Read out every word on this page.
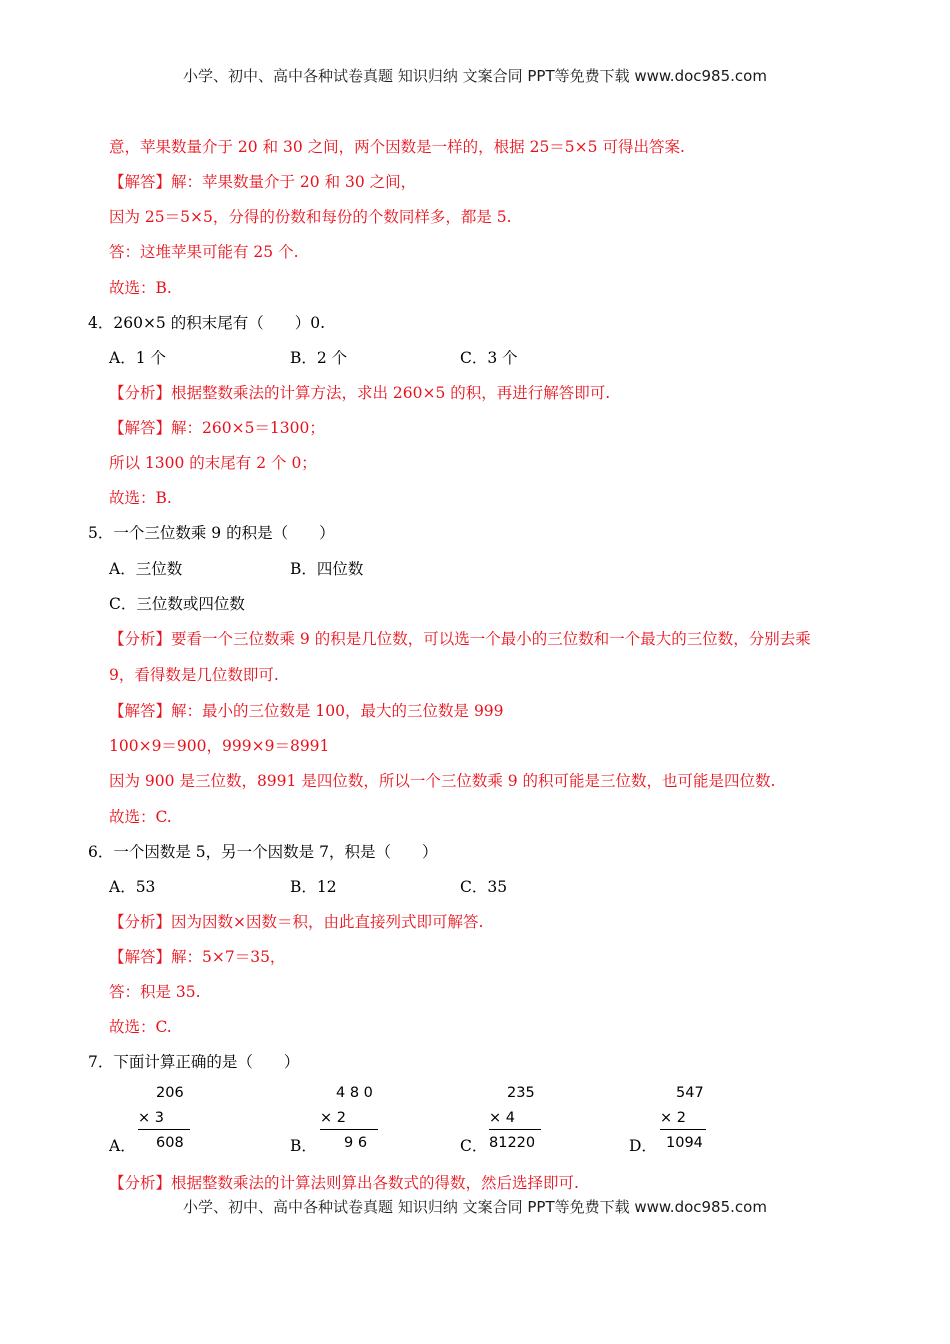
小学、初中、高中各种试卷真题 知识归纳 文案合同 PPT等免费下载 www.doc985.com
意，苹果数量介于 20 和 30 之间，两个因数是一样的，根据 25＝5×5 可得出答案.
【解答】解：苹果数量介于 20 和 30 之间，
因为 25＝5×5，分得的份数和每份的个数同样多，都是 5.
答：这堆苹果可能有 25 个.
故选：B.
4．260×5 的积末尾有（　　）0.
A．1 个	B．2 个	C．3 个
【分析】根据整数乘法的计算方法，求出 260×5 的积，再进行解答即可.
【解答】解：260×5＝1300；
所以 1300 的末尾有 2 个 0；
故选：B.
5．一个三位数乘 9 的积是（　　）
A．三位数	B．四位数
C．三位数或四位数
【分析】要看一个三位数乘 9 的积是几位数，可以选一个最小的三位数和一个最大的三位数，分别去乘
9，看得数是几位数即可.
【解答】解：最小的三位数是 100，最大的三位数是 999
100×9＝900，999×9＝8991
因为 900 是三位数，8991 是四位数，所以一个三位数乘 9 的积可能是三位数，也可能是四位数.
故选：C.
6．一个因数是 5，另一个因数是 7，积是（　　）
A．53	B．12	C．35
【分析】因为因数×因数＝积，由此直接列式即可解答.
【解答】解：5×7＝35，
答：积是 35.
故选：C.
7．下面计算正确的是（　　）
A．
206
× 3
608	B．
4 8 0
× 2
9 6	C．
235
× 4
81220	D．
547
× 2
1094
【分析】根据整数乘法的计算法则算出各数式的得数，然后选择即可.
小学、初中、高中各种试卷真题 知识归纳 文案合同 PPT等免费下载 www.doc985.com
